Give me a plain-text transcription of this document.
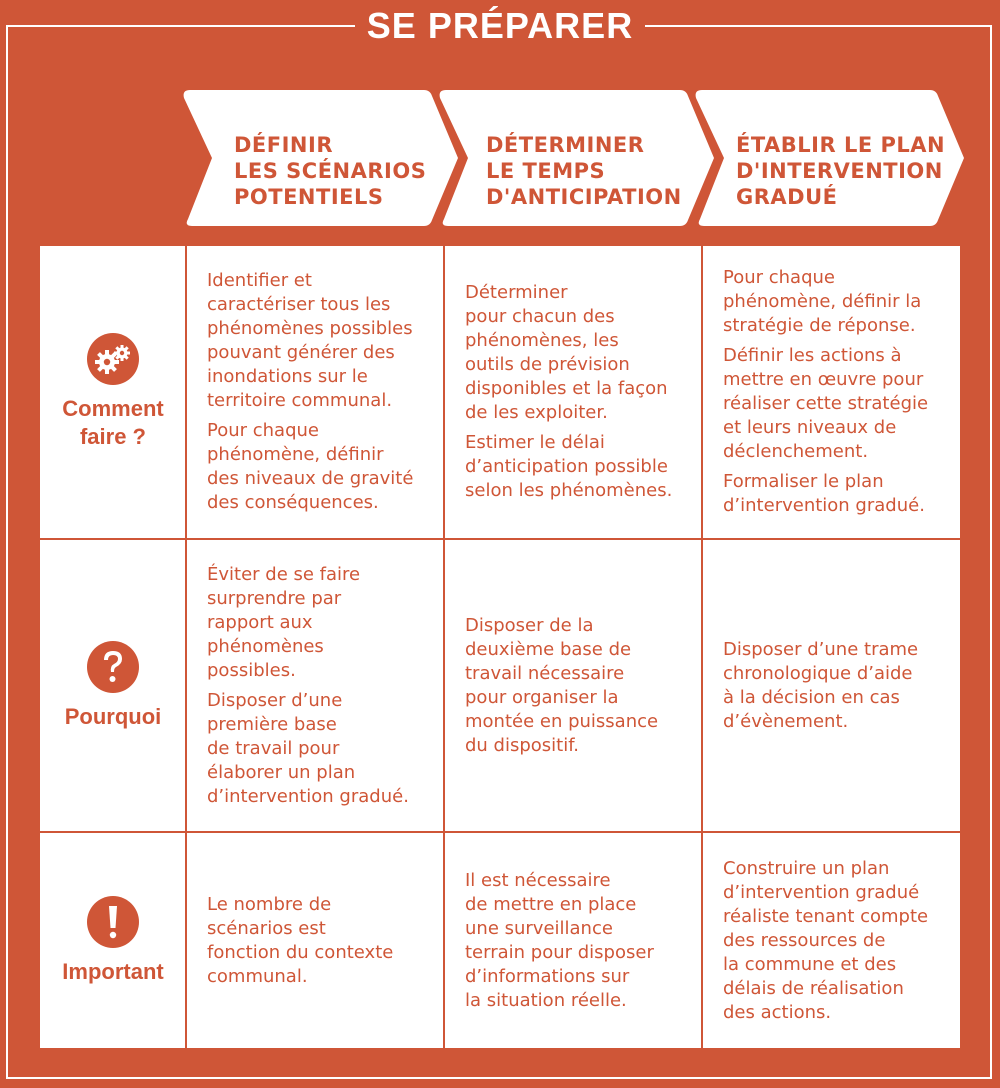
SE PRÉPARER
DÉFINIR
LES SCÉNARIOS
POTENTIELS
DÉTERMINER
LE TEMPS
D'ANTICIPATION
ÉTABLIR LE PLAN
D'INTERVENTION
GRADUÉ
Comment
faire ?

Identifier et
caractériser tous les
phénomènes possibles
pouvant générer des
inondations sur le
territoire communal.

Pour chaque
phénomène, définir
des niveaux de gravité
des conséquences.

Déterminer
pour chacun des
phénomènes, les
outils de prévision
disponibles et la façon
de les exploiter.

Estimer le délai
d’anticipation possible
selon les phénomènes.

Pour chaque
phénomène, définir la
stratégie de réponse.

Définir les actions à
mettre en œuvre pour
réaliser cette stratégie
et leurs niveaux de
déclenchement.

Formaliser le plan
d’intervention gradué.

Pourquoi

Éviter de se faire
surprendre par
rapport aux
phénomènes
possibles.

Disposer d’une
première base
de travail pour
élaborer un plan
d’intervention gradué.

Disposer de la
deuxième base de
travail nécessaire
pour organiser la
montée en puissance
du dispositif.

Disposer d’une trame
chronologique d’aide
à la décision en cas
d’évènement.

Important

Le nombre de
scénarios est
fonction du contexte
communal.

Il est nécessaire
de mettre en place
une surveillance
terrain pour disposer
d’informations sur
la situation réelle.

Construire un plan
d’intervention gradué
réaliste tenant compte
des ressources de
la commune et des
délais de réalisation
des actions.
